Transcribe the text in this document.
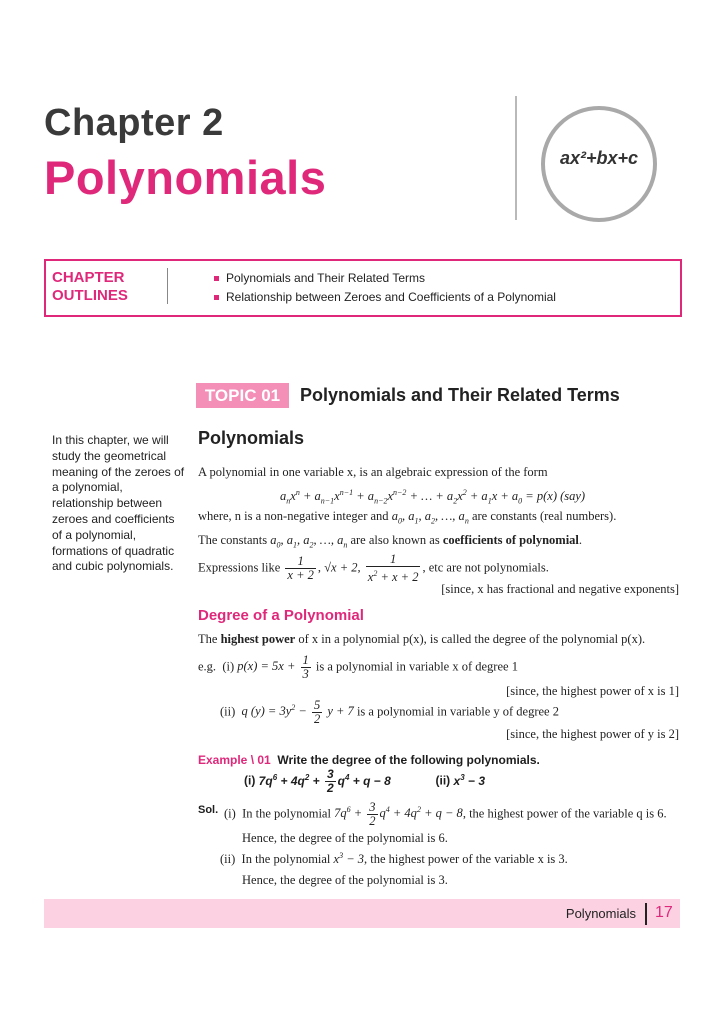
Chapter 2
Polynomials	ax²+bx+c
CHAPTER
OUTLINES
Polynomials and Their Related Terms
Relationship between Zeroes and Coefficients of a Polynomial
TOPIC 01	Polynomials and Their Related Terms
In this chapter, we will study the geometrical meaning of the zeroes of a polynomial, relationship between zeroes and coefficients of a polynomial, formations of quadratic and cubic polynomials.
Polynomials
A polynomial in one variable x, is an algebraic expression of the form
$a_nx^n + a_{n-1}x^{n-1} + a_{n-2}x^{n-2}$ + … + $a_2x^2 + a_1x + a_0 = p(x)$ (say)
where, n is a non-negative integer and $a_0$, $a_1$, $a_2$, …, $a_n$ are constants (real numbers).
The constants $a_0$, $a_1$, $a_2$, …, $a_n$ are also known as coefficients of polynomial.
Expressions like $\frac{1}{x + 2}$ , √x + 2, $\frac{1}{x^2 + x + 2}$ , etc are not polynomials.
[since, x has fractional and negative exponents]
Degree of a Polynomial
The highest power of x in a polynomial p(x), is called the degree of the polynomial p(x).
e.g. (i) $p(x) = 5x + \frac{1}{3}$ is a polynomial in variable x of degree 1
[since, the highest power of x is 1]
(ii) q $(y) = 3y^2 - \frac{5}{2}$ y + 7 is a polynomial in variable y of degree 2
[since, the highest power of y is 2]
Example \ 01 Write the degree of the following polynomials.
(i) $7q^6 + 4q^2 + \frac{3}{2} q^4 + q - 8$	(ii) $x^3 - 3$
Sol. (i) In the polynomial $7q^6 + \frac{3}{2} q^4 + 4q^2 + q - 8$, the highest power of the variable q is 6.
Hence, the degree of the polynomial is 6.
(ii) In the polynomial $x^3 - 3$, the highest power of the variable x is 3.
Hence, the degree of the polynomial is 3.
Polynomials 17
